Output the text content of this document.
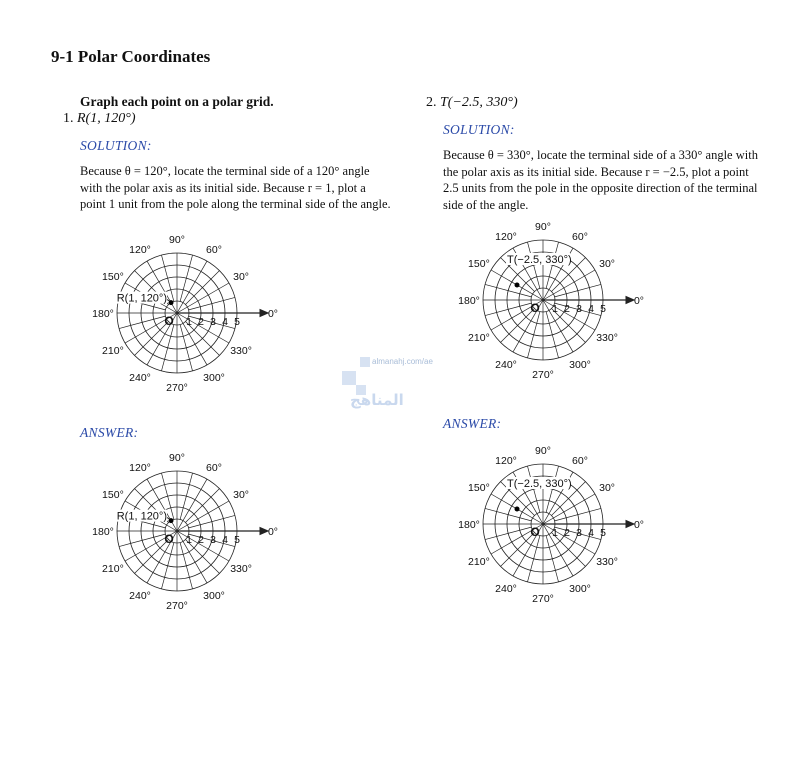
9-1 Polar Coordinates
Graph each point on a polar grid.
1. R(1, 120°)
SOLUTION:
Because θ = 120°, locate the terminal side of a 120° angle with the polar axis as its initial side. Because r = 1, plot a point 1 unit from the pole along the terminal side of the angle.
ANSWER:
2. T(−2.5, 330°)
SOLUTION:
Because θ = 330°, locate the terminal side of a 330° angle with the polar axis as its initial side. Because r = −2.5, plot a point 2.5 units from the pole in the opposite direction of the terminal side of the angle.
ANSWER:
0°
30°
60°
90°
120°
150°
180°
210°
240°
270°
300°
330°
1 2 3 4 5
O
R(1, 120°)
0°
30°
60°
90°
120°
150°
180°
210°
240°
270°
300°
330°
1 2 3 4 5
O
R(1, 120°)
0°
30°
60°
90°
120°
150°
180°
210°
240°
270°
300°
330°
1 2 3 4 5
O
T(−2.5, 330°)
0°
30°
60°
90°
120°
150°
180°
210°
240°
270°
300°
330°
1 2 3 4 5
O
T(−2.5, 330°)
almanahj.com/ae
المناهج
